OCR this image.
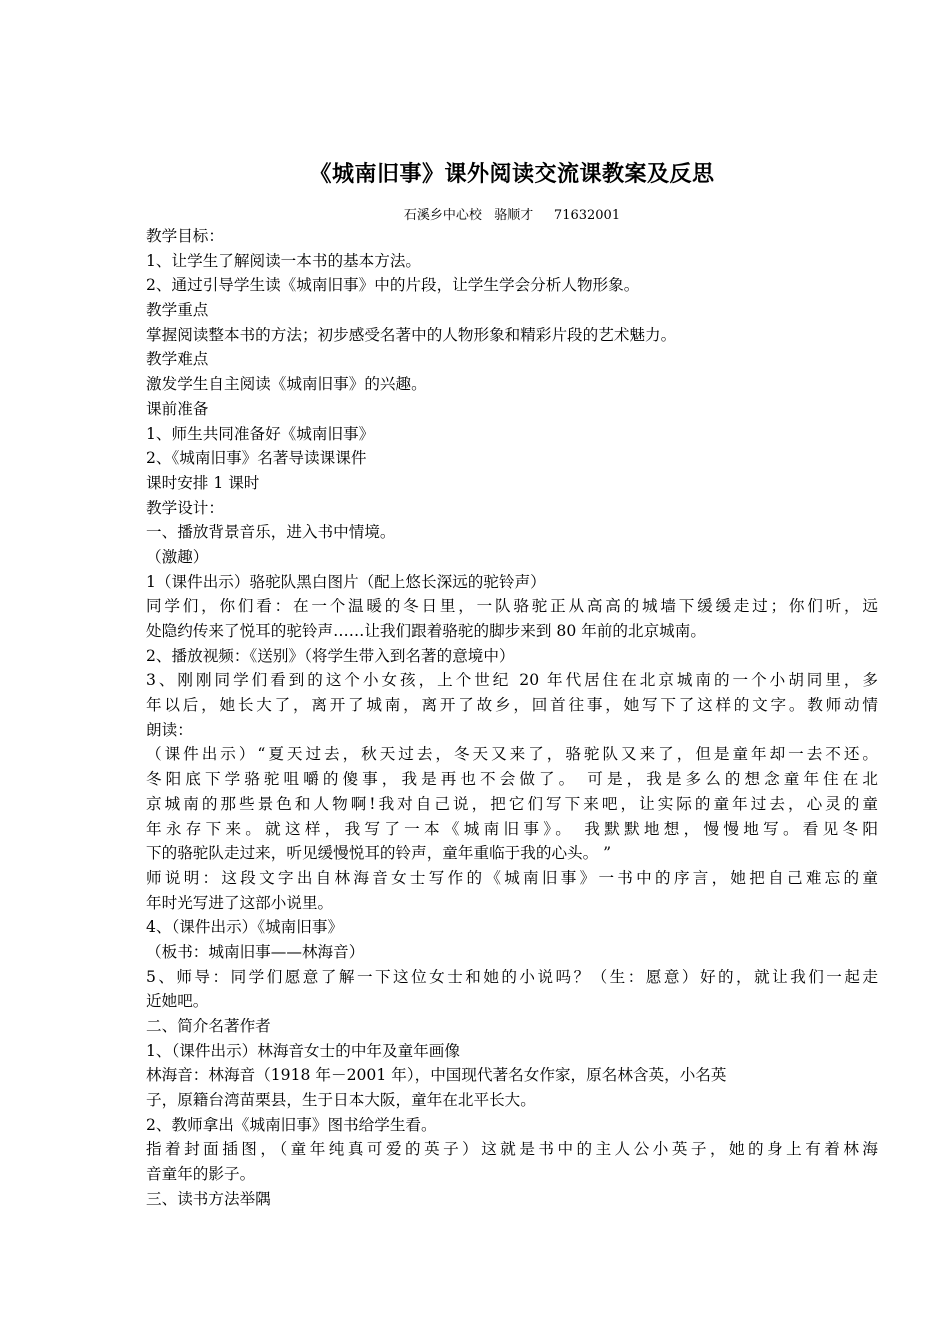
《城南旧事》课外阅读交流课教案及反思
石溪乡中心校   骆顺才     71632001
教学目标：
1、让学生了解阅读一本书的基本方法。
2、通过引导学生读《城南旧事》中的片段，让学生学会分析人物形象。
教学重点
掌握阅读整本书的方法；初步感受名著中的人物形象和精彩片段的艺术魅力。
教学难点
激发学生自主阅读《城南旧事》的兴趣。
课前准备
1、师生共同准备好《城南旧事》
2、《城南旧事》名著导读课课件
课时安排 1 课时
教学设计：
一、播放背景音乐，进入书中情境。
（激趣）
1（课件出示）骆驼队黑白图片（配上悠长深远的驼铃声）
同学们，你们看：在一个温暖的冬日里，一队骆驼正从高高的城墙下缓缓走过；你们听，远
处隐约传来了悦耳的驼铃声……让我们跟着骆驼的脚步来到 80 年前的北京城南。
2、播放视频：《送别》（将学生带入到名著的意境中）
3、刚刚同学们看到的这个小女孩，上个世纪 20 年代居住在北京城南的一个小胡同里，多
年以后，她长大了，离开了城南，离开了故乡，回首往事，她写下了这样的文字。教师动情
朗读：
（课件出示）“夏天过去，秋天过去，冬天又来了，骆驼队又来了，但是童年却一去不还。
冬阳底下学骆驼咀嚼的傻事，我是再也不会做了。 可是，我是多么的想念童年住在北
京城南的那些景色和人物啊!我对自己说，把它们写下来吧，让实际的童年过去，心灵的童
年永存下来。就这样，我写了一本《城南旧事》。 我默默地想，慢慢地写。看见冬阳
下的骆驼队走过来，听见缓慢悦耳的铃声，童年重临于我的心头。 ”
师说明：这段文字出自林海音女士写作的《城南旧事》一书中的序言，她把自己难忘的童
年时光写进了这部小说里。
4、（课件出示）《城南旧事》
（板书：城南旧事——林海音）
5、师导：同学们愿意了解一下这位女士和她的小说吗？（生：愿意）好的，就让我们一起走
近她吧。
二、简介名著作者
1、（课件出示）林海音女士的中年及童年画像
林海音：林海音（1918 年－2001 年），中国现代著名女作家，原名林含英，小名英
子，原籍台湾苗栗县，生于日本大阪，童年在北平长大。
2、教师拿出《城南旧事》图书给学生看。
指着封面插图，（童年纯真可爱的英子）这就是书中的主人公小英子，她的身上有着林海
音童年的影子。
三、读书方法举隅
